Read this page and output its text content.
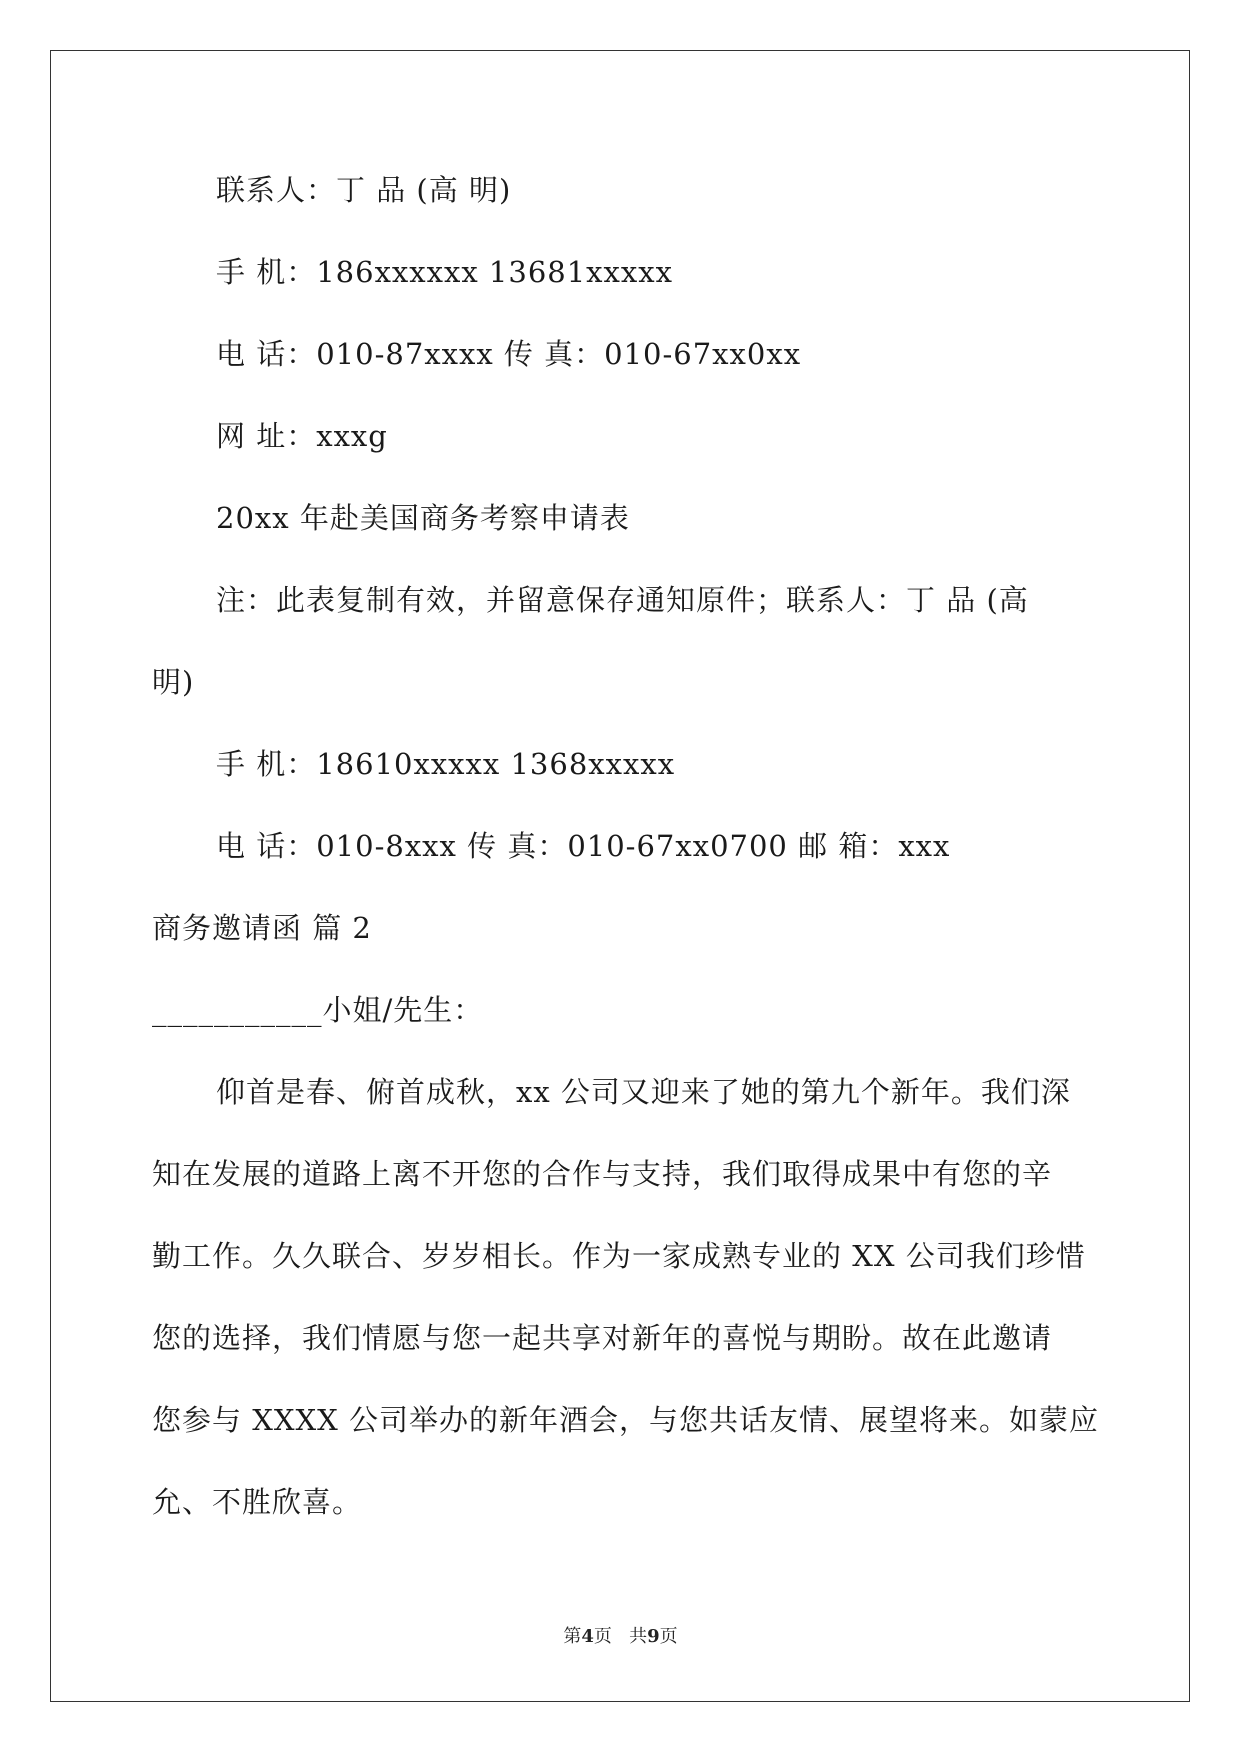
联系人：丁 品 (高 明)
手 机：186xxxxxx 13681xxxxx
电 话：010-87xxxx 传 真：010-67xx0xx
网 址：xxxg
20xx 年赴美国商务考察申请表
注：此表复制有效，并留意保存通知原件；联系人：丁 品 (高
明)
手 机：18610xxxxx 1368xxxxx
电 话：010-8xxx 传 真：010-67xx0700 邮 箱：xxx
商务邀请函 篇 2
___________小姐/先生：
仰首是春、俯首成秋，xx 公司又迎来了她的第九个新年。我们深
知在发展的道路上离不开您的合作与支持，我们取得成果中有您的辛
勤工作。久久联合、岁岁相长。作为一家成熟专业的 XX 公司我们珍惜
您的选择，我们情愿与您一起共享对新年的喜悦与期盼。故在此邀请
您参与 XXXX 公司举办的新年酒会，与您共话友情、展望将来。如蒙应
允、不胜欣喜。
第4页 共9页
